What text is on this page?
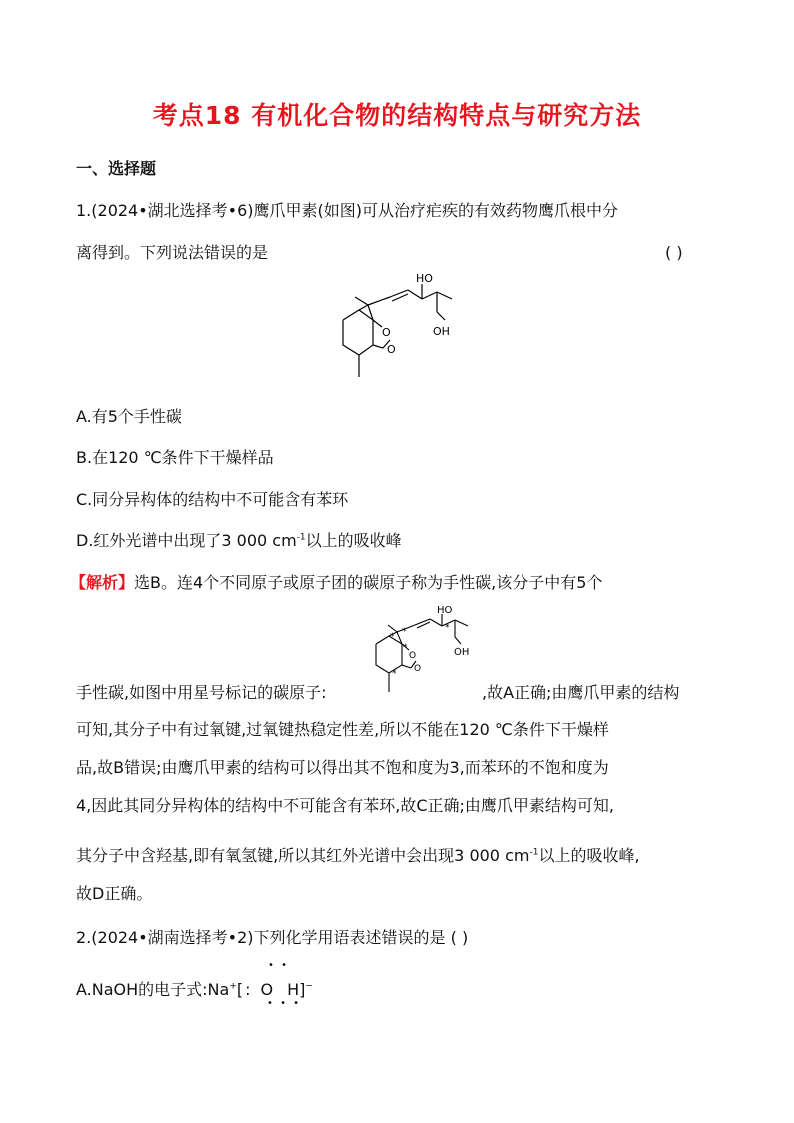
考点18 有机化合物的结构特点与研究方法
一、选择题
1.(2024•湖北选择考•6)鹰爪甲素(如图)可从治疗疟疾的有效药物鹰爪根中分
离得到。下列说法错误的是	( )
HO
OH
O
O
A.有5个手性碳
B.在120 ℃条件下干燥样品
C.同分异构体的结构中不可能含有苯环
D.红外光谱中出现了3 000 $cm^{-1}$以上的吸收峰
【解析】选B。连4个不同原子或原子团的碳原子称为手性碳,该分子中有5个
HO
OH
O
O
* *
*
*
*
手性碳,如图中用星号标记的碳原子:	,故A正确;由鹰爪甲素的结构
可知,其分子中有过氧键,过氧键热稳定性差,所以不能在120 ℃条件下干燥样
品,故B错误;由鹰爪甲素的结构可以得出其不饱和度为3,而苯环的不饱和度为
4,因此其同分异构体的结构中不可能含有苯环,故C正确;由鹰爪甲素结构可知,
其分子中含羟基,即有氧氢键,所以其红外光谱中会出现3 000 $cm^{-1}$以上的吸收峰,
故D正确。
2.(2024•湖南选择考•2)下列化学用语表述错误的是 ( )
A.NaOH的电子式:Na+[ : O H]−
• •
• • •
